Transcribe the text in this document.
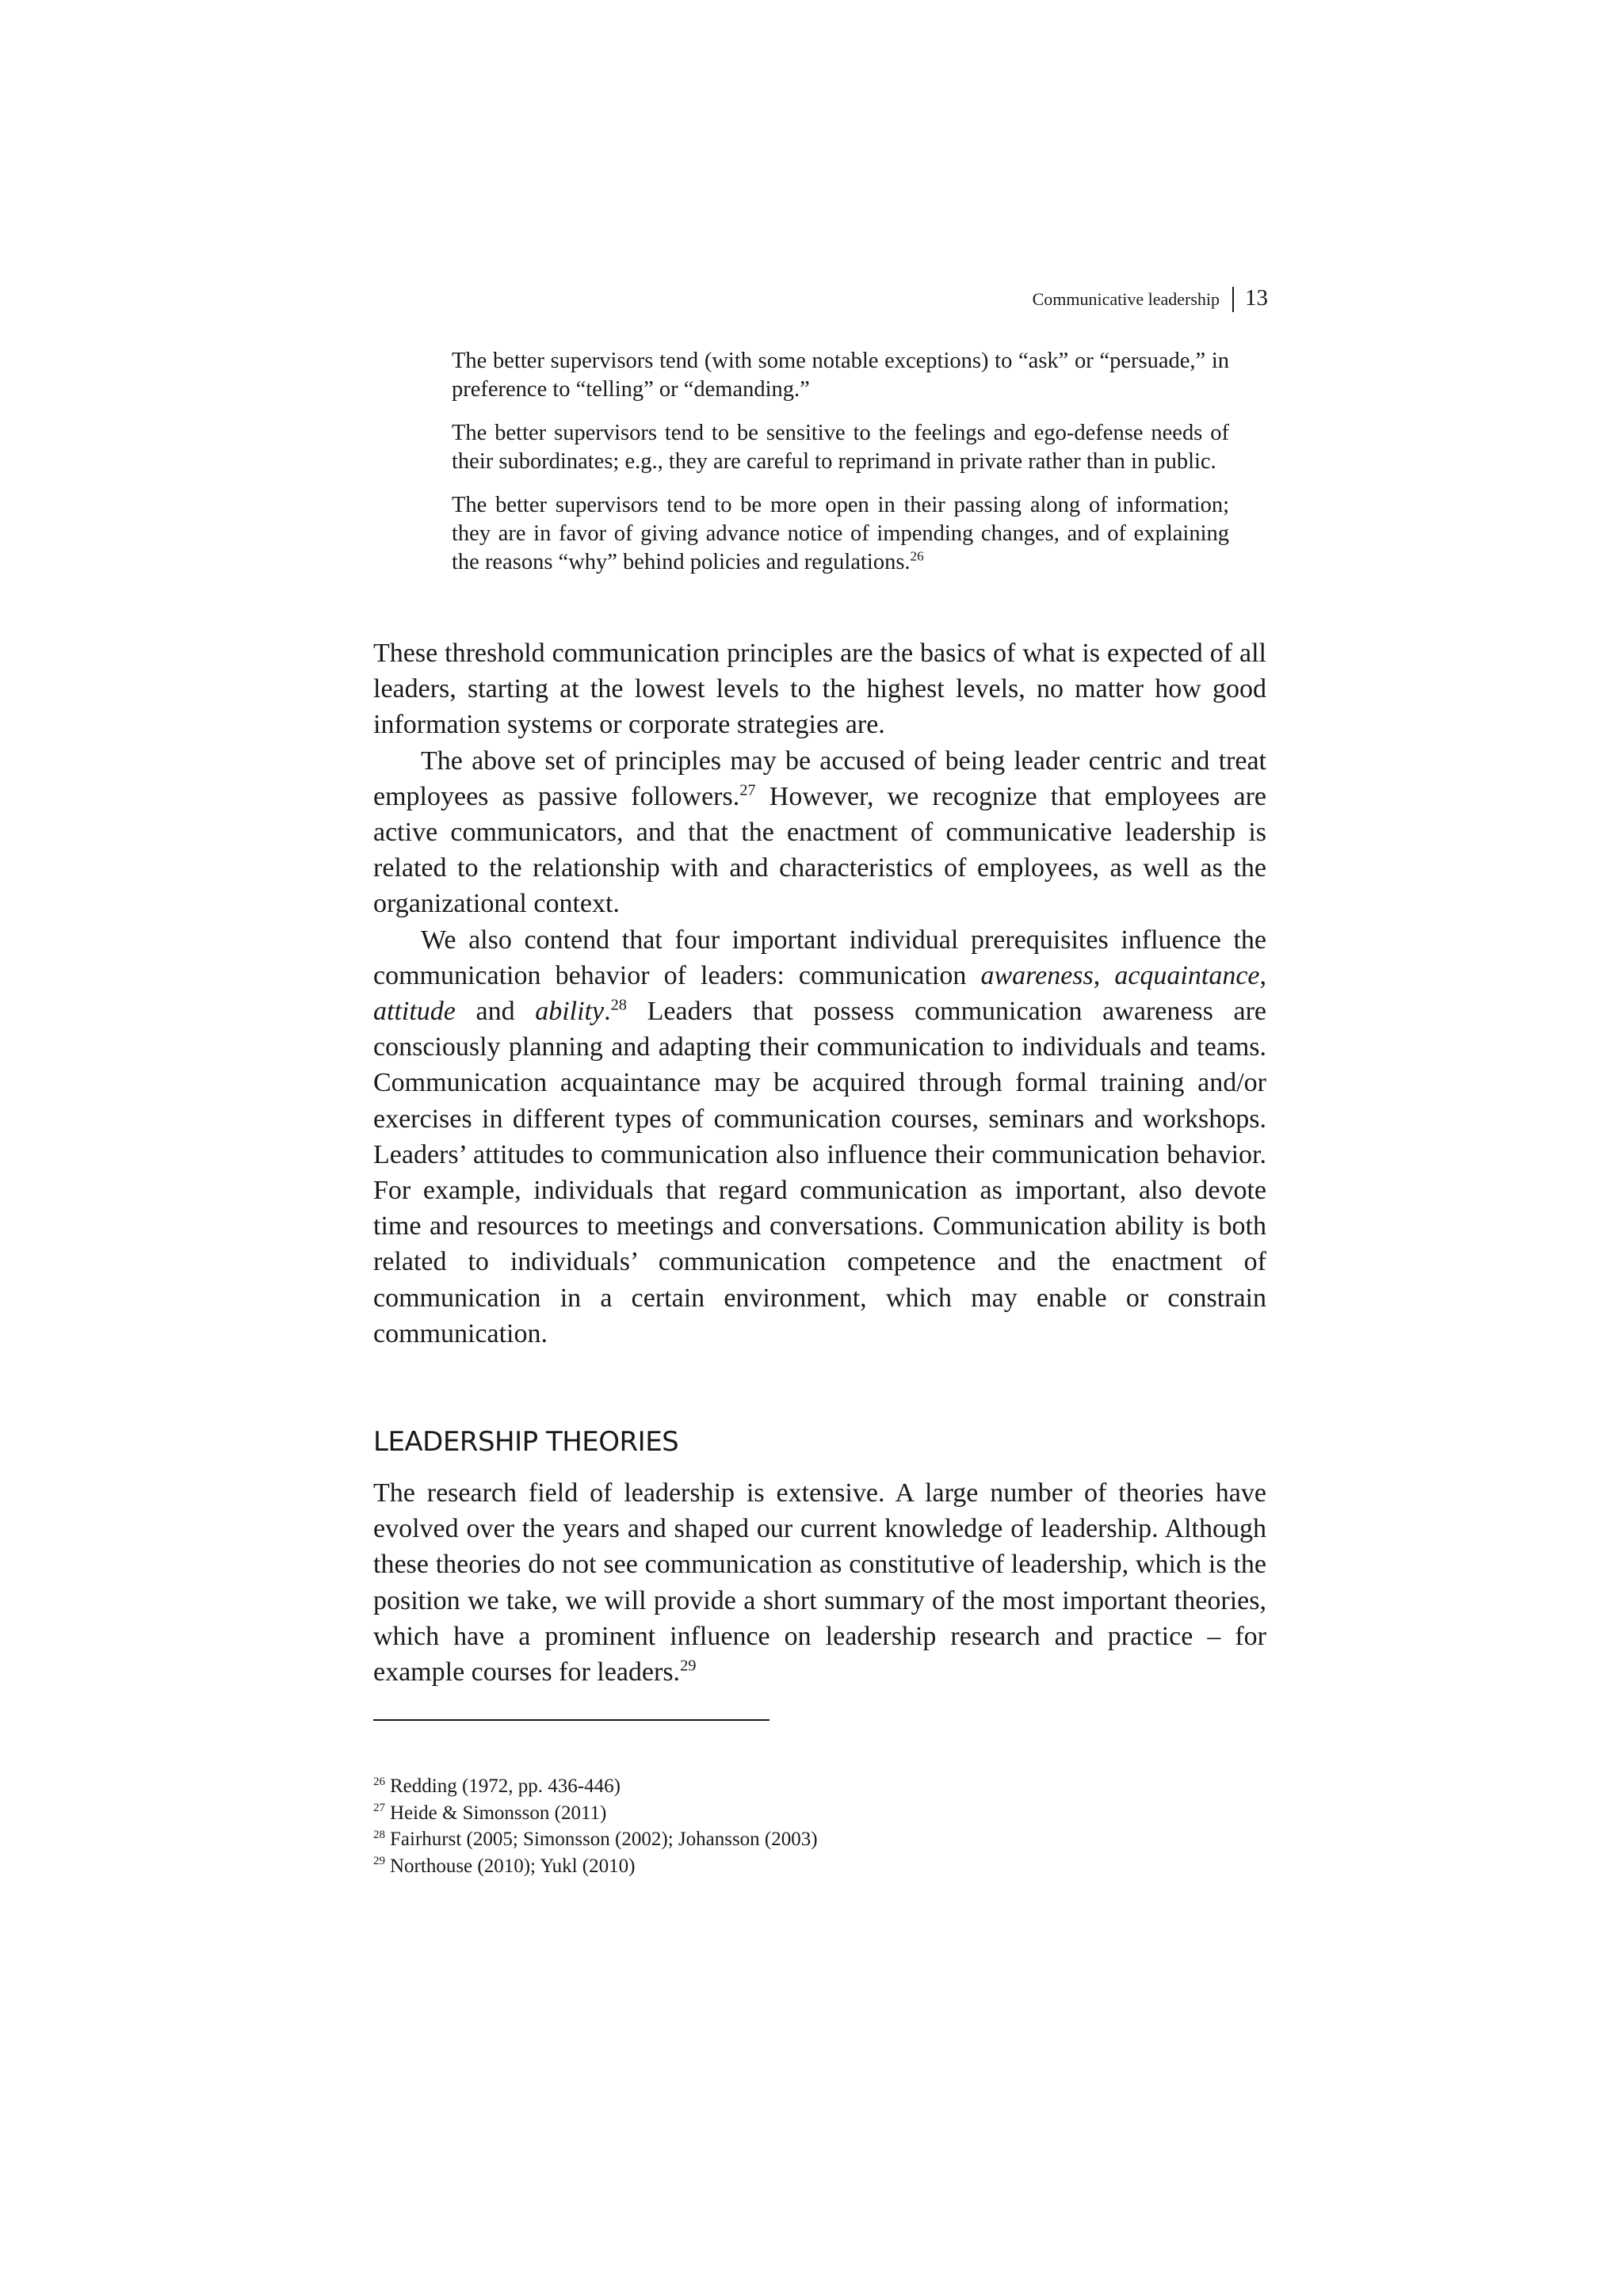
Communicative leadership 13

The better supervisors tend (with some notable exceptions) to “ask” or “persuade,” in preference to “telling” or “demanding.”

The better supervisors tend to be sensitive to the feelings and ego-defense needs of their subordinates; e.g., they are careful to reprimand in private rather than in public.

The better supervisors tend to be more open in their passing along of information; they are in favor of giving advance notice of impending changes, and of explaining the reasons “why” behind policies and regulations.$^{26}$

These threshold communication principles are the basics of what is expected of all leaders, starting at the lowest levels to the highest levels, no matter how good information systems or corporate strategies are.

The above set of principles may be accused of being leader centric and treat employees as passive followers.$^{27}$ However, we recognize that employees are active communicators, and that the enactment of communicative leadership is related to the relationship with and characteristics of employees, as well as the organizational context.

We also contend that four important individual prerequisites influence the communication behavior of leaders: communication awareness, acquaintance, attitude and ability.$^{28}$ Leaders that possess communication awareness are consciously planning and adapting their communication to individuals and teams. Communication acquaintance may be acquired through formal training and/or exercises in different types of communication courses, seminars and workshops. Leaders’ attitudes to communication also influence their communication behavior. For example, individuals that regard communication as important, also devote time and resources to meetings and conversations. Communication ability is both related to individuals’ communication competence and the enactment of communication in a certain environment, which may enable or constrain communication.

LEADERSHIP THEORIES

The research field of leadership is extensive. A large number of theories have evolved over the years and shaped our current knowledge of leadership. Although these theories do not see communication as constitutive of leadership, which is the position we take, we will provide a short summary of the most important theories, which have a prominent influence on leadership research and practice – for example courses for leaders.$^{29}$

$^{26}$ Redding (1972, pp. 436-446)

$^{27}$ Heide & Simonsson (2011)

$^{28}$ Fairhurst (2005; Simonsson (2002); Johansson (2003)

$^{29}$ Northouse (2010); Yukl (2010)
